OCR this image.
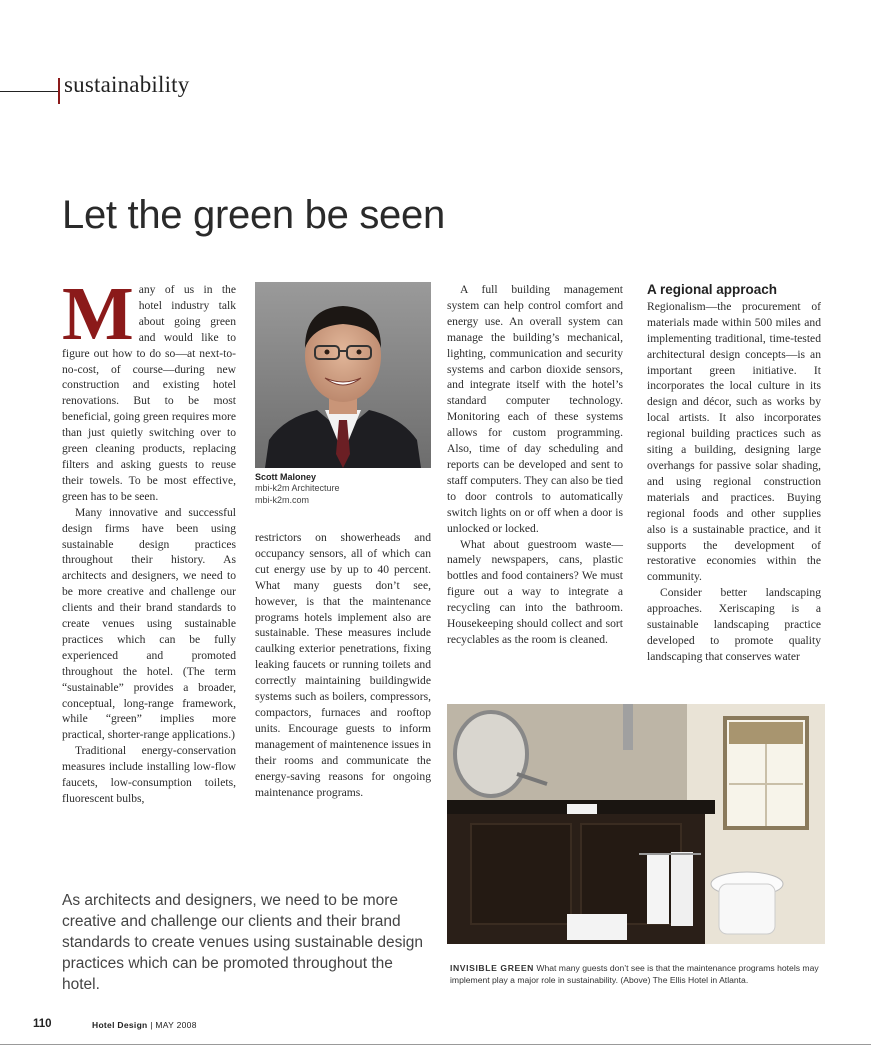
sustainability
Let the green be seen
M any of us in the hotel industry talk about going green and would like to figure out how to do so—at next-to-no-cost, of course—during new construction and existing hotel renovations. But to be most beneficial, going green requires more than just quietly switching over to green cleaning products, replacing filters and asking guests to reuse their towels. To be most effective, green has to be seen.

Many innovative and successful design firms have been using sustainable design practices throughout their history. As architects and designers, we need to be more creative and challenge our clients and their brand standards to create venues using sustainable practices which can be fully experienced and promoted throughout the hotel. (The term “sustainable” provides a broader, conceptual, long-range framework, while “green” implies more practical, shorter-range applications.)

Traditional energy-conservation measures include installing low-flow faucets, low-consumption toilets, fluorescent bulbs,

Scott Maloney
mbi-k2m Architecture
mbi-k2m.com

restrictors on showerheads and occupancy sensors, all of which can cut energy use by up to 40 percent. What many guests don’t see, however, is that the maintenance programs hotels implement also are sustainable. These measures include caulking exterior penetrations, fixing leaking faucets or running toilets and correctly maintaining buildingwide systems such as boilers, compressors, compactors, furnaces and rooftop units. Encourage guests to inform management of maintenence issues in their rooms and communicate the energy-saving reasons for ongoing maintenance programs.

A full building management system can help control comfort and energy use. An overall system can manage the building’s mechanical, lighting, communication and security systems and carbon dioxide sensors, and integrate itself with the hotel’s standard computer technology. Monitoring each of these systems allows for custom programming. Also, time of day scheduling and reports can be developed and sent to staff computers. They can also be tied to door controls to automatically switch lights on or off when a door is unlocked or locked.

What about guestroom waste—namely newspapers, cans, plastic bottles and food containers? We must figure out a way to integrate a recycling can into the bathroom. Housekeeping should collect and sort recyclables as the room is cleaned.

A regional approach

Regionalism—the procurement of materials made within 500 miles and implementing traditional, time-tested architectural design concepts—is an important green initiative. It incorporates the local culture in its design and décor, such as works by local artists. It also incorporates regional building practices such as siting a building, designing large overhangs for passive solar shading, and using regional construction materials and practices. Buying regional foods and other supplies also is a sustainable practice, and it supports the development of restorative economies within the community.

Consider better landscaping approaches. Xeriscaping is a sustainable landscaping practice developed to promote quality landscaping that conserves water

As architects and designers, we need to be more creative and challenge our clients and their brand standards to create venues using sustainable design practices which can be promoted throughout the hotel.
INVISIBLE GREEN What many guests don’t see is that the maintenance programs hotels may implement play a major role in sustainability. (Above) The Ellis Hotel in Atlanta.
110	Hotel Design | MAY 2008
